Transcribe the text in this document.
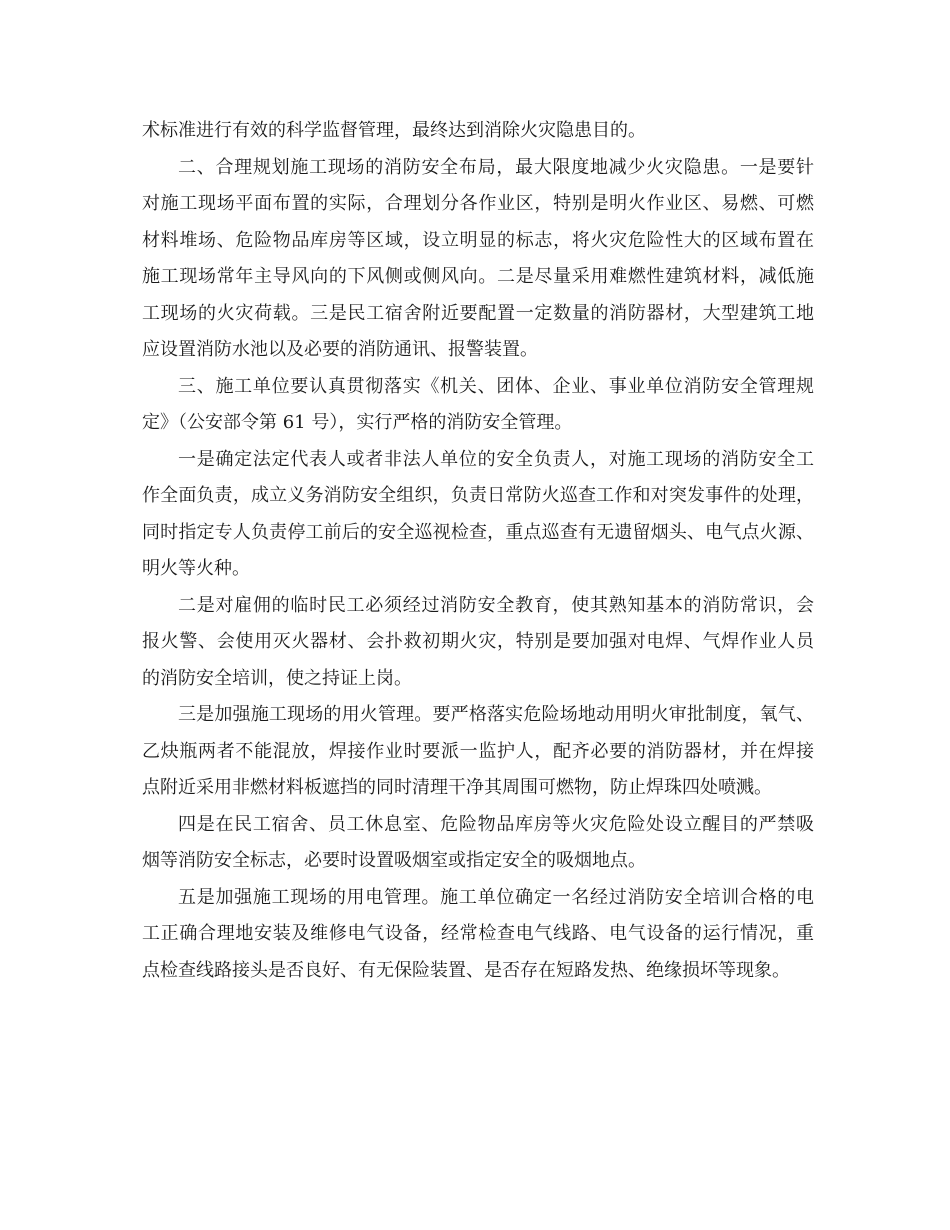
术标准进行有效的科学监督管理，最终达到消除火灾隐患目的。
二、合理规划施工现场的消防安全布局，最大限度地减少火灾隐患。一是要针
对施工现场平面布置的实际，合理划分各作业区，特别是明火作业区、易燃、可燃
材料堆场、危险物品库房等区域，设立明显的标志，将火灾危险性大的区域布置在
施工现场常年主导风向的下风侧或侧风向。二是尽量采用难燃性建筑材料，减低施
工现场的火灾荷载。三是民工宿舍附近要配置一定数量的消防器材，大型建筑工地
应设置消防水池以及必要的消防通讯、报警装置。
三、施工单位要认真贯彻落实《机关、团体、企业、事业单位消防安全管理规
定》（公安部令第 61 号），实行严格的消防安全管理。
一是确定法定代表人或者非法人单位的安全负责人，对施工现场的消防安全工
作全面负责，成立义务消防安全组织，负责日常防火巡查工作和对突发事件的处理，
同时指定专人负责停工前后的安全巡视检查，重点巡查有无遗留烟头、电气点火源、
明火等火种。
二是对雇佣的临时民工必须经过消防安全教育，使其熟知基本的消防常识，会
报火警、会使用灭火器材、会扑救初期火灾，特别是要加强对电焊、气焊作业人员
的消防安全培训，使之持证上岗。
三是加强施工现场的用火管理。要严格落实危险场地动用明火审批制度，氧气、
乙炔瓶两者不能混放，焊接作业时要派一监护人，配齐必要的消防器材，并在焊接
点附近采用非燃材料板遮挡的同时清理干净其周围可燃物，防止焊珠四处喷溅。
四是在民工宿舍、员工休息室、危险物品库房等火灾危险处设立醒目的严禁吸
烟等消防安全标志，必要时设置吸烟室或指定安全的吸烟地点。
五是加强施工现场的用电管理。施工单位确定一名经过消防安全培训合格的电
工正确合理地安装及维修电气设备，经常检查电气线路、电气设备的运行情况，重
点检查线路接头是否良好、有无保险装置、是否存在短路发热、绝缘损坏等现象。
